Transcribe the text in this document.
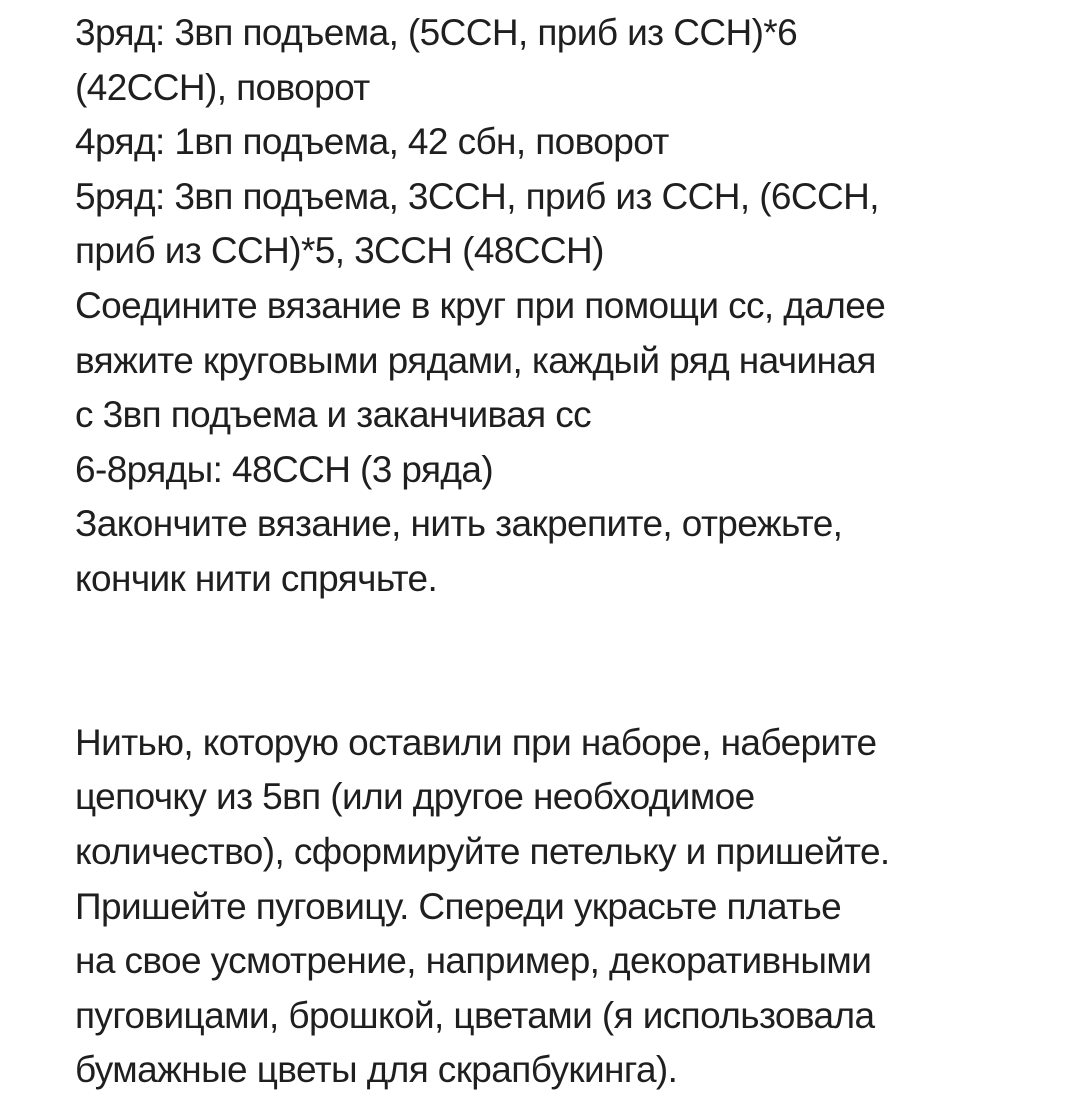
3ряд: 3вп подъема, (5ССН, приб из ССН)*6
(42ССН), поворот
4ряд: 1вп подъема, 42 сбн, поворот
5ряд: 3вп подъема, 3ССН, приб из ССН, (6ССН,
приб из ССН)*5, 3ССН (48ССН)
Соедините вязание в круг при помощи сс, далее
вяжите круговыми рядами, каждый ряд начиная
с 3вп подъема и заканчивая сс
6-8ряды: 48ССН (3 ряда)
Закончите вязание, нить закрепите, отрежьте,
кончик нити спрячьте.
Нитью, которую оставили при наборе, наберите
цепочку из 5вп (или другое необходимое
количество), сформируйте петельку и пришейте.
Пришейте пуговицу. Спереди украсьте платье
на свое усмотрение, например, декоративными
пуговицами, брошкой, цветами (я использовала
бумажные цветы для скрапбукинга).
